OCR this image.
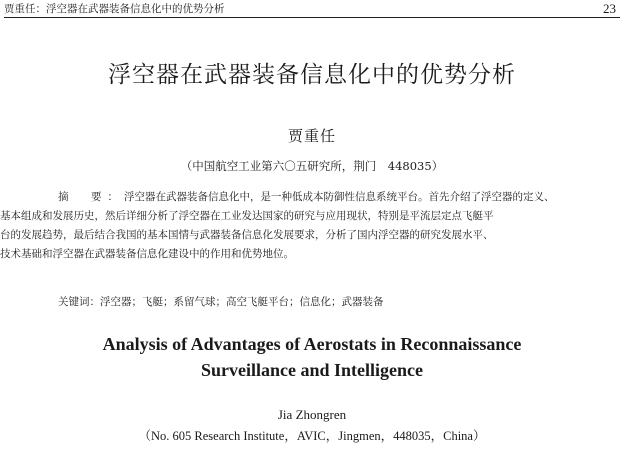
贾重任：浮空器在武器装备信息化中的优势分析	23
浮空器在武器装备信息化中的优势分析
贾重任
（中国航空工业第六〇五研究所，荆门　448035）
摘　要：浮空器在武器装备信息化中，是一种低成本防御性信息系统平台。首先介绍了浮空器的定义、
基本组成和发展历史，然后详细分析了浮空器在工业发达国家的研究与应用现状，特别是平流层定点飞艇平
台的发展趋势，最后结合我国的基本国情与武器装备信息化发展要求，分析了国内浮空器的研究发展水平、
技术基础和浮空器在武器装备信息化建设中的作用和优势地位。
关键词：浮空器；飞艇；系留气球；高空飞艇平台；信息化；武器装备
Analysis of Advantages of Aerostats in Reconnaissance
Surveillance and Intelligence
Jia Zhongren
（No. 605 Research Institute，AVIC，Jingmen，448035，China）
